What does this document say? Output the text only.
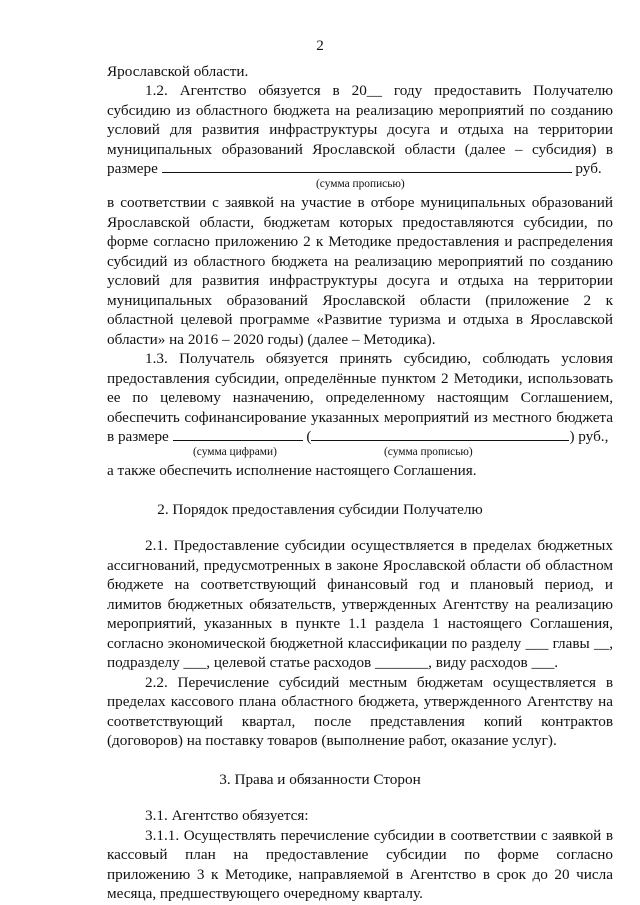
2
Ярославской области.
1.2. Агентство обязуется в 20__ году предоставить Получателю
субсидию из областного бюджета на реализацию мероприятий по созданию
условий для развития инфраструктуры досуга и отдыха на территории
муниципальных образований Ярославской области (далее – субсидия) в
размере	руб.
(сумма прописью)
в соответствии с заявкой на участие в отборе муниципальных образований
Ярославской области, бюджетам которых предоставляются субсидии, по
форме согласно приложению 2 к Методике предоставления и распределения
субсидий из областного бюджета на реализацию мероприятий по созданию
условий для развития инфраструктуры досуга и отдыха на территории
муниципальных образований Ярославской области (приложение 2 к
областной целевой программе «Развитие туризма и отдыха в Ярославской
области» на 2016 – 2020 годы) (далее – Методика).
1.3. Получатель обязуется принять субсидию, соблюдать условия
предоставления субсидии, определённые пунктом 2 Методики, использовать
ее по целевому назначению, определенному настоящим Соглашением,
обеспечить софинансирование указанных мероприятий из местного бюджета
в размере	(	) руб.,
(сумма цифрами)	(сумма прописью)
а также обеспечить исполнение настоящего Соглашения.
2. Порядок предоставления субсидии Получателю
2.1. Предоставление субсидии осуществляется в пределах бюджетных
ассигнований, предусмотренных в законе Ярославской области об областном
бюджете на соответствующий финансовый год и плановый период, и
лимитов бюджетных обязательств, утвержденных Агентству на реализацию
мероприятий, указанных в пункте 1.1 раздела 1 настоящего Соглашения,
согласно экономической бюджетной классификации по разделу ___ главы __,
подразделу ___, целевой статье расходов _______, виду расходов ___.
2.2. Перечисление субсидий местным бюджетам осуществляется в
пределах кассового плана областного бюджета, утвержденного Агентству на
соответствующий квартал, после представления копий контрактов
(договоров) на поставку товаров (выполнение работ, оказание услуг).
3. Права и обязанности Сторон
3.1. Агентство обязуется:
3.1.1. Осуществлять перечисление субсидии в соответствии с заявкой в
кассовый план на предоставление субсидии по форме согласно
приложению 3 к Методике, направляемой в Агентство в срок до 20 числа
месяца, предшествующего очередному кварталу.
